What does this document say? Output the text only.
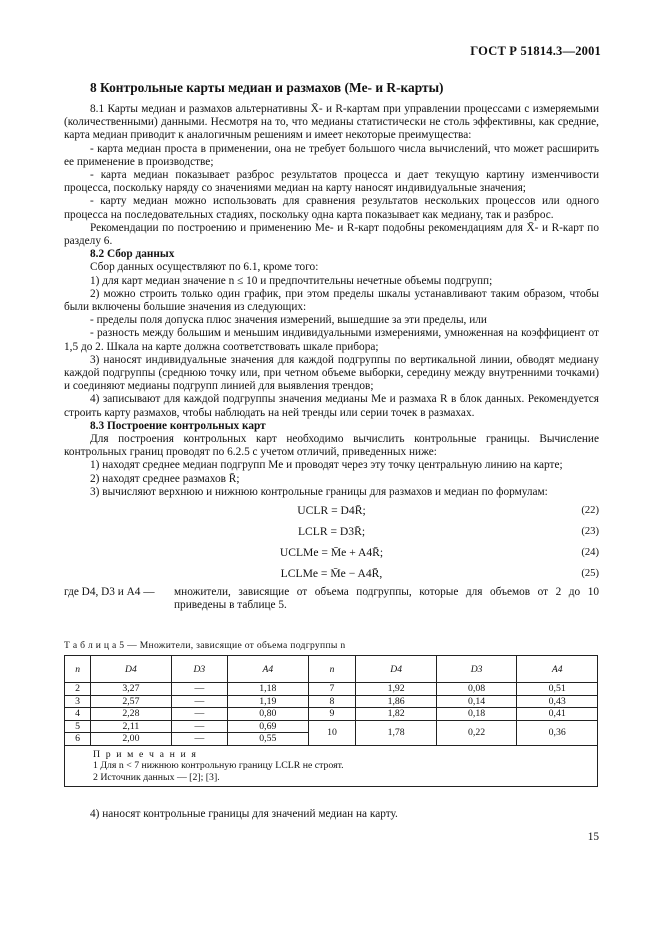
ГОСТ Р 51814.3—2001
8 Контрольные карты медиан и размахов (Me- и R-карты)

8.1 Карты медиан и размахов альтернативны X̄- и R-картам при управлении процессами с измеряемыми (количественными) данными. Несмотря на то, что медианы статистически не столь эффективны, как средние, карта медиан приводит к аналогичным решениям и имеет некоторые преимущества:

- карта медиан проста в применении, она не требует большого числа вычислений, что может расширить ее применение в производстве;

- карта медиан показывает разброс результатов процесса и дает текущую картину изменчивости процесса, поскольку наряду со значениями медиан на карту наносят индивидуальные значения;

- карту медиан можно использовать для сравнения результатов нескольких процессов или одного процесса на последовательных стадиях, поскольку одна карта показывает как медиану, так и разброс.

Рекомендации по построению и применению Me- и R-карт подобны рекомендациям для X̄- и R-карт по разделу 6.

8.2 Сбор данных

Сбор данных осуществляют по 6.1, кроме того:

1) для карт медиан значение n ≤ 10 и предпочтительны нечетные объемы подгрупп;

2) можно строить только один график, при этом пределы шкалы устанавливают таким образом, чтобы были включены большие значения из следующих:

- пределы поля допуска плюс значения измерений, вышедшие за эти пределы, или

- разность между большим и меньшим индивидуальными измерениями, умноженная на коэффициент от 1,5 до 2. Шкала на карте должна соответствовать шкале прибора;

3) наносят индивидуальные значения для каждой подгруппы по вертикальной линии, обводят медиану каждой подгруппы (среднюю точку или, при четном объеме выборки, середину между внутренними точками) и соединяют медианы подгрупп линией для выявления трендов;

4) записывают для каждой подгруппы значения медианы Me и размаха R в блок данных. Рекомендуется строить карту размахов, чтобы наблюдать на ней тренды или серии точек в размахах.

8.3 Построение контрольных карт

Для построения контрольных карт необходимо вычислить контрольные границы. Вычисление контрольных границ проводят по 6.2.5 с учетом отличий, приведенных ниже:

1) находят среднее медиан подгрупп Me и проводят через эту точку центральную линию на карте;

2) находят среднее размахов R̄;

3) вычисляют верхнюю и нижнюю контрольные границы для размахов и медиан по формулам:

UCLR = D4R̄;	(22)
LCLR = D3R̄;	(23)
UCLMe = M̄e + A4R̄;	(24)
LCLMe = M̄e − A4R̄,	(25)
где D4, D3 и A4 —	множители, зависящие от объема подгруппы, которые для объемов от 2 до 10 приведены в таблице 5.
Т а б л и ц а 5 — Множители, зависящие от объема подгруппы n
n	D4	D3	A4	n	D4	D3	A4
2	3,27	—	1,18	7	1,92	0,08	0,51
3	2,57	—	1,19	8	1,86	0,14	0,43
4	2,28	—	0,80	9	1,82	0,18	0,41
5	2,11	—	0,69	10	1,78	0,22	0,36
6	2,00	—	0,55				

П р и м е ч а н и я
1 Для n < 7 нижнюю контрольную границу LCLR не строят.
2 Источник данных — [2]; [3].							
4) наносят контрольные границы для значений медиан на карту.
15
